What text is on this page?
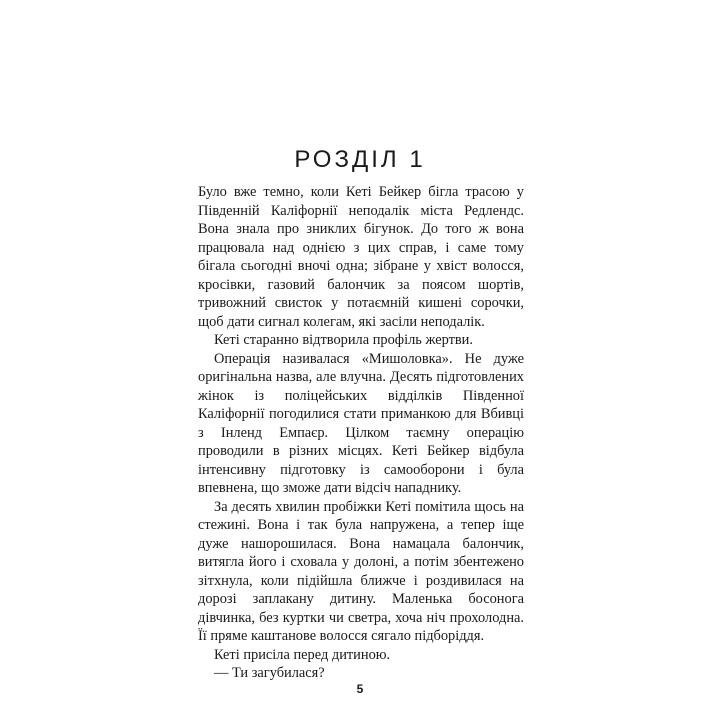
РОЗДІЛ 1

Було вже темно, коли Кеті Бейкер бігла трасою у Південній Каліфорнії неподалік міста Редлендс. Вона знала про зниклих бігунок. До того ж вона працювала над однією з цих справ, і саме тому бігала сьогодні вночі одна; зібране у хвіст волосся, кросівки, газовий балончик за поясом шортів, тривожний свисток у потаємній кишені сорочки, щоб дати сигнал колегам, які засіли неподалік.

Кеті старанно відтворила профіль жертви.

Операція називалася «Мишоловка». Не дуже оригінальна назва, але влучна. Десять підготовлених жінок із поліцейських відділків Південної Каліфорнії погодилися стати приманкою для Вбивці з Інленд Емпаєр. Цілком таємну операцію проводили в різних місцях. Кеті Бейкер відбула інтенсивну підготовку із самооборони і була впевнена, що зможе дати відсіч нападнику.

За десять хвилин пробіжки Кеті помітила щось на стежині. Вона і так була напружена, а тепер іще дуже нашорошилася. Вона намацала балончик, витягла його і сховала у долоні, а потім збентежено зітхнула, коли підійшла ближче і роздивилася на дорозі заплакану дитину. Маленька босонога дівчинка, без куртки чи светра, хоча ніч прохолодна. Її пряме каштанове волосся сягало підборіддя.

Кеті присіла перед дитиною.

— Ти загубилася?

5
